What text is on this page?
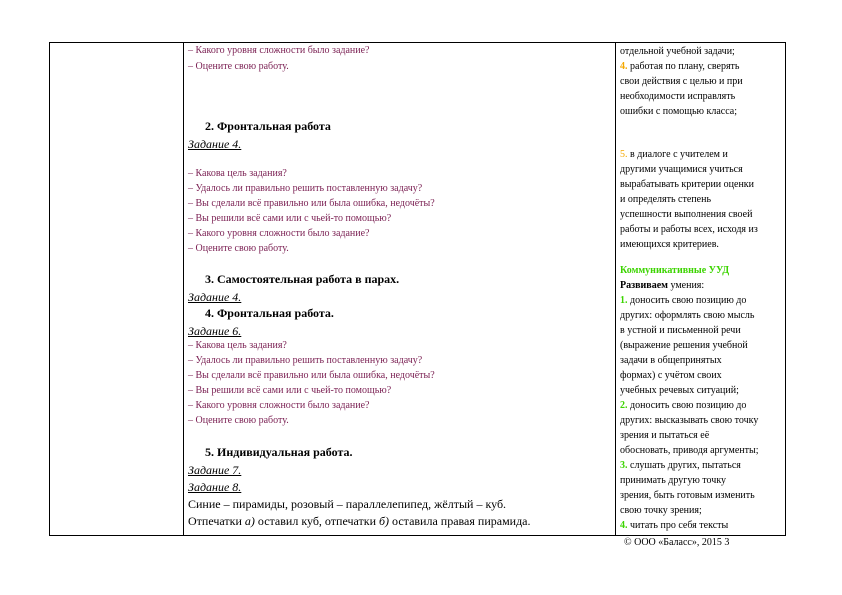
– Какого уровня сложности было задание?
– Оцените свою работу.
2. Фронтальная работа
Задание 4.
– Какова цель задания?
– Удалось ли правильно решить поставленную задачу?
– Вы сделали всё правильно или была ошибка, недочёты?
– Вы решили всё сами или с чьей-то помощью?
– Какого уровня сложности было задание?
– Оцените свою работу.
3. Самостоятельная работа в парах.
Задание 4.
4. Фронтальная работа.
Задание 6.
– Какова цель задания?
– Удалось ли правильно решить поставленную задачу?
– Вы сделали всё правильно или была ошибка, недочёты?
– Вы решили всё сами или с чьей-то помощью?
– Какого уровня сложности было задание?
– Оцените свою работу.
5. Индивидуальная работа.
Задание 7.
Задание 8.
Синие – пирамиды, розовый – параллелепипед, жёлтый – куб.
Отпечатки а) оставил куб, отпечатки б) оставила правая пирамида.
отдельной учебной задачи;
4. работая по плану, сверять
свои действия с целью и при
необходимости исправлять
ошибки с помощью класса;
5. в диалоге с учителем и
другими учащимися учиться
вырабатывать критерии оценки
и определять степень
успешности выполнения своей
работы и работы всех, исходя из
имеющихся критериев.
Коммуникативные УУД
Развиваем умения:
1. доносить свою позицию до
других: оформлять свою мысль
в устной и письменной речи
(выражение решения учебной
задачи в общепринятых
формах) с учётом своих
учебных речевых ситуаций;
2. доносить свою позицию до
других: высказывать свою точку
зрения и пытаться её
обосновать, приводя аргументы;
3. слушать других, пытаться
принимать другую точку
зрения, быть готовым изменить
свою точку зрения;
4. читать про себя тексты
© ООО «Баласс», 2015 3
